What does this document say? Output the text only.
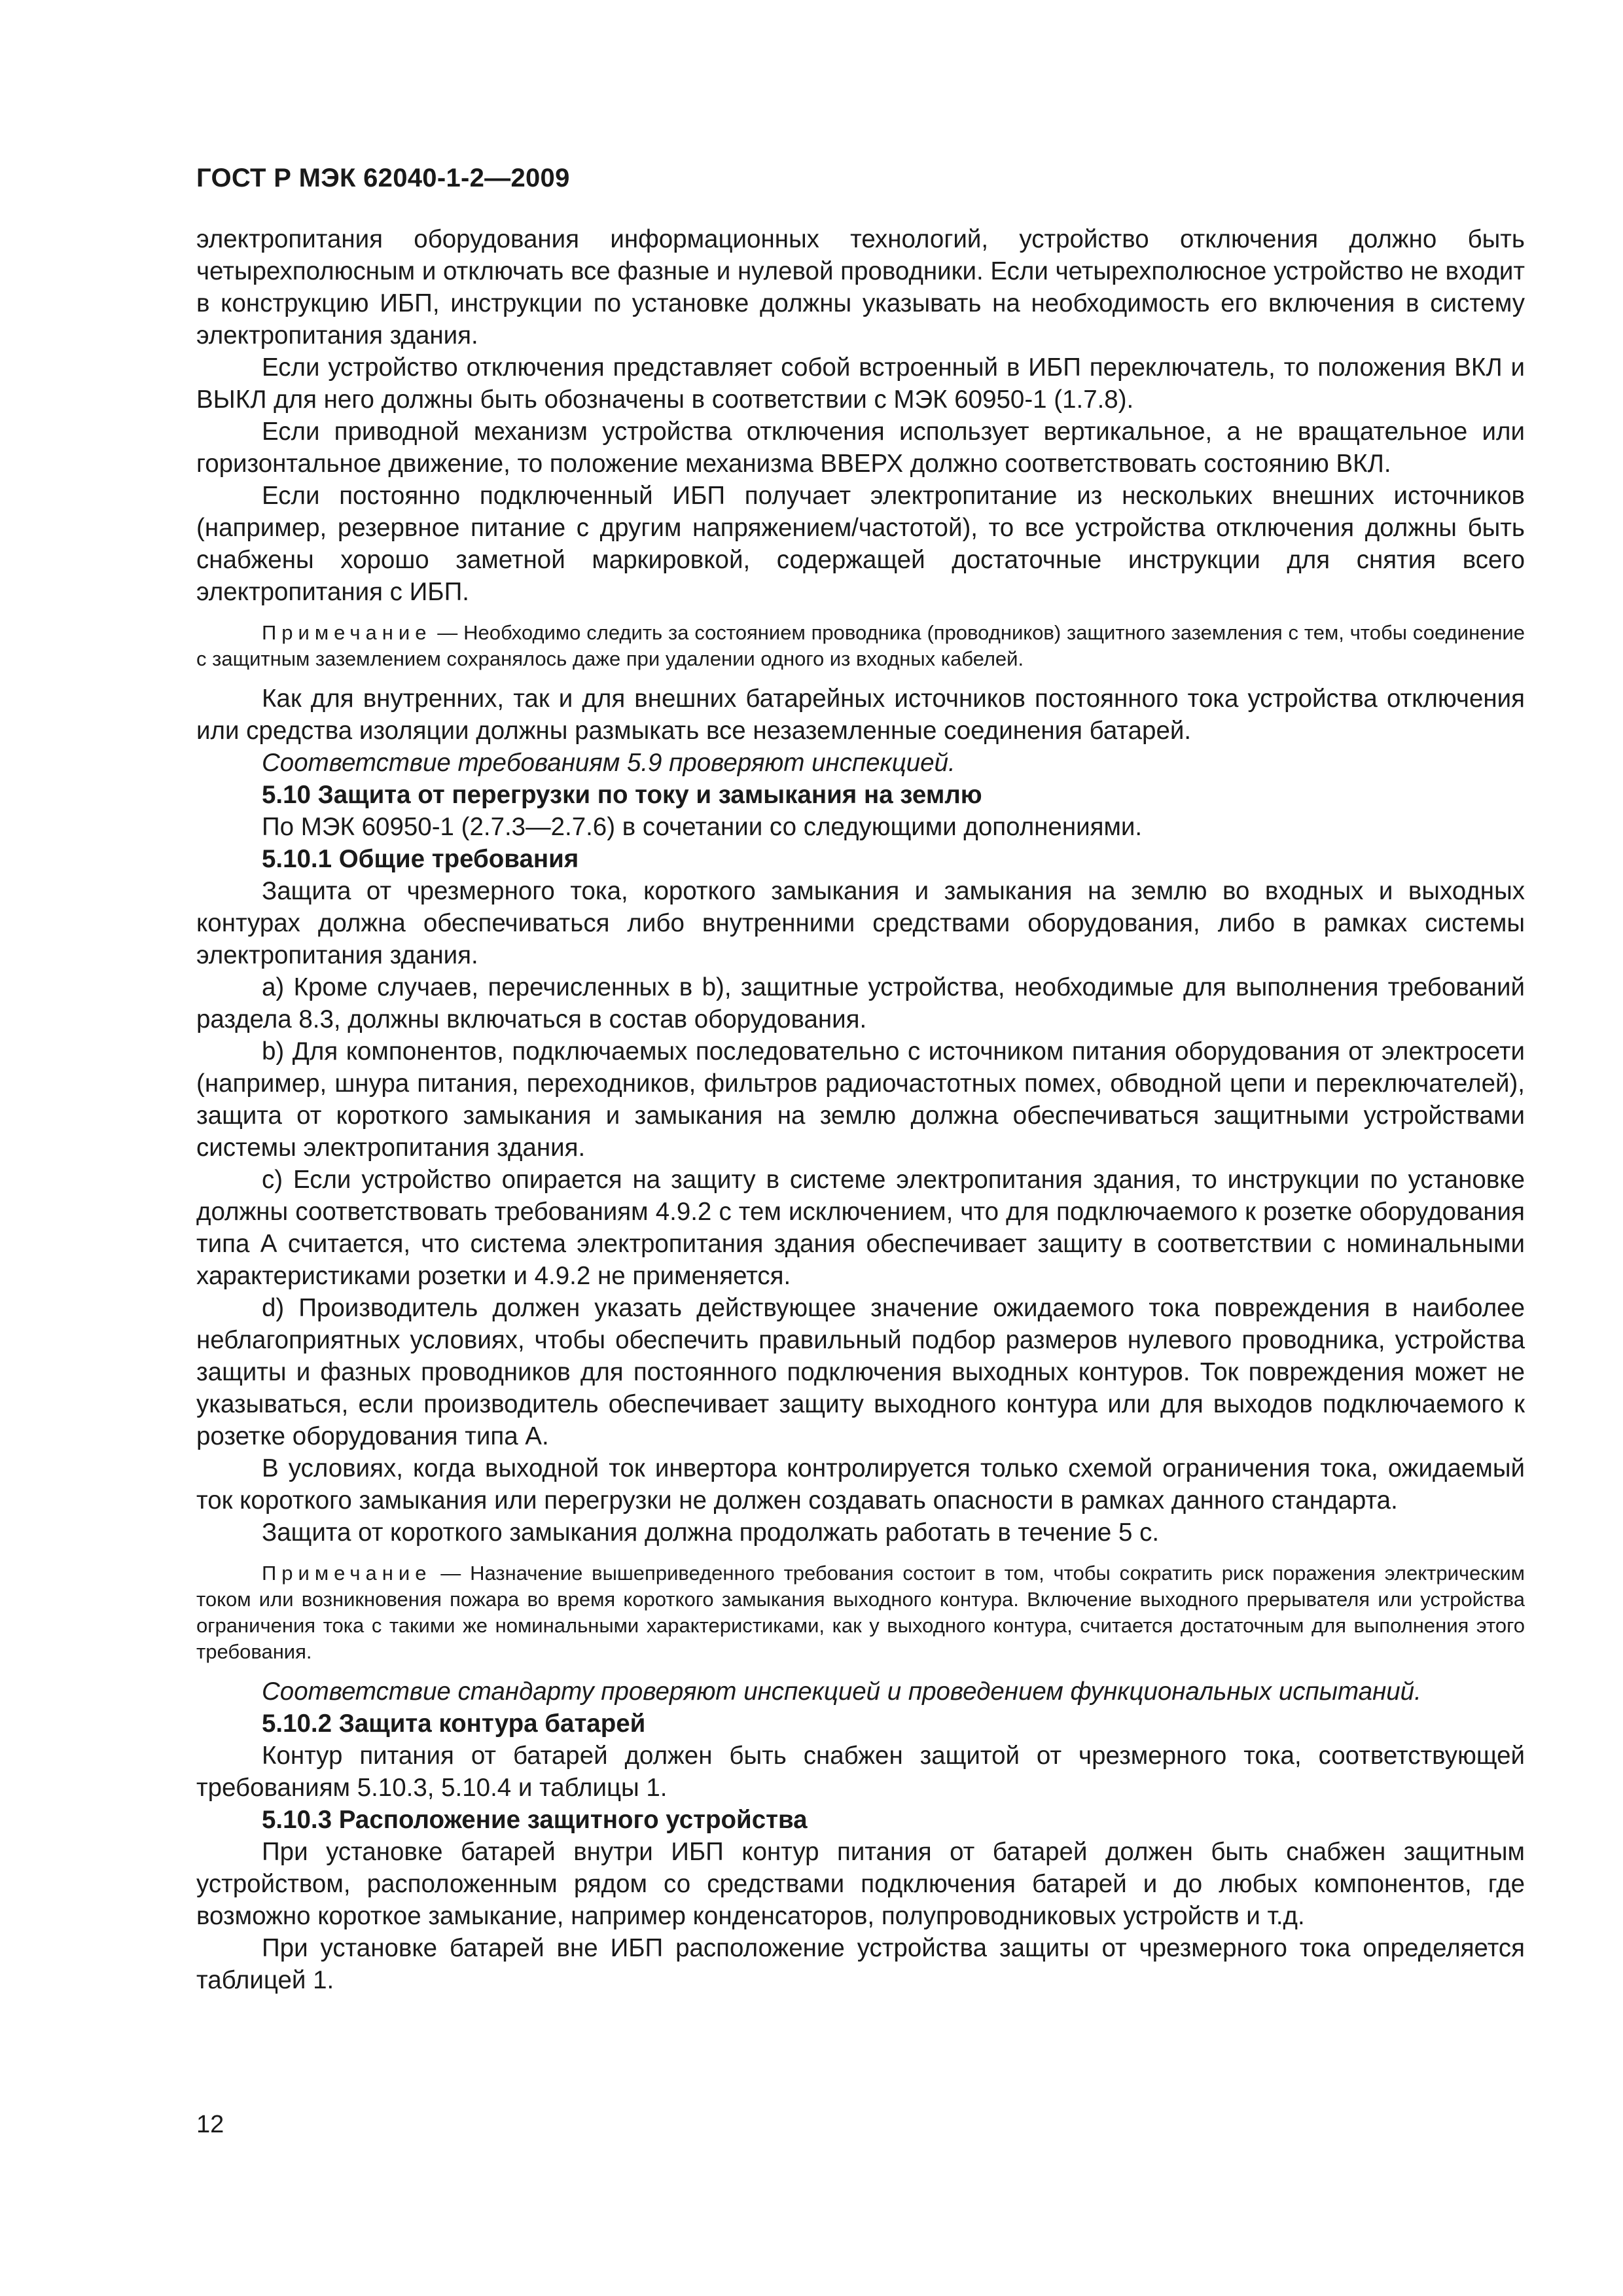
ГОСТ Р МЭК 62040-1-2—2009

электропитания оборудования информационных технологий, устройство отключения должно быть четырехполюсным и отключать все фазные и нулевой проводники. Если четырехполюсное устройство не входит в конструкцию ИБП, инструкции по установке должны указывать на необходимость его включения в систему электропитания здания.

Если устройство отключения представляет собой встроенный в ИБП переключатель, то положения ВКЛ и ВЫКЛ для него должны быть обозначены в соответствии с МЭК 60950-1 (1.7.8).

Если приводной механизм устройства отключения использует вертикальное, а не вращательное или горизонтальное движение, то положение механизма ВВЕРХ должно соответствовать состоянию ВКЛ.

Если постоянно подключенный ИБП получает электропитание из нескольких внешних источников (например, резервное питание с другим напряжением/частотой), то все устройства отключения должны быть снабжены хорошо заметной маркировкой, содержащей достаточные инструкции для снятия всего электропитания с ИБП.

Примечание — Необходимо следить за состоянием проводника (проводников) защитного заземления с тем, чтобы соединение с защитным заземлением сохранялось даже при удалении одного из входных кабелей.

Как для внутренних, так и для внешних батарейных источников постоянного тока устройства отключения или средства изоляции должны размыкать все незаземленные соединения батарей.

Соответствие требованиям 5.9 проверяют инспекцией.

5.10 Защита от перегрузки по току и замыкания на землю

По МЭК 60950-1 (2.7.3—2.7.6) в сочетании со следующими дополнениями.

5.10.1 Общие требования

Защита от чрезмерного тока, короткого замыкания и замыкания на землю во входных и выходных контурах должна обеспечиваться либо внутренними средствами оборудования, либо в рамках системы электропитания здания.

a) Кроме случаев, перечисленных в b), защитные устройства, необходимые для выполнения требований раздела 8.3, должны включаться в состав оборудования.

b) Для компонентов, подключаемых последовательно с источником питания оборудования от электросети (например, шнура питания, переходников, фильтров радиочастотных помех, обводной цепи и переключателей), защита от короткого замыкания и замыкания на землю должна обеспечиваться защитными устройствами системы электропитания здания.

c) Если устройство опирается на защиту в системе электропитания здания, то инструкции по установке должны соответствовать требованиям 4.9.2 с тем исключением, что для подключаемого к розетке оборудования типа А считается, что система электропитания здания обеспечивает защиту в соответствии с номинальными характеристиками розетки и 4.9.2 не применяется.

d) Производитель должен указать действующее значение ожидаемого тока повреждения в наиболее неблагоприятных условиях, чтобы обеспечить правильный подбор размеров нулевого проводника, устройства защиты и фазных проводников для постоянного подключения выходных контуров. Ток повреждения может не указываться, если производитель обеспечивает защиту выходного контура или для выходов подключаемого к розетке оборудования типа А.

В условиях, когда выходной ток инвертора контролируется только схемой ограничения тока, ожидаемый ток короткого замыкания или перегрузки не должен создавать опасности в рамках данного стандарта.

Защита от короткого замыкания должна продолжать работать в течение 5 с.

Примечание — Назначение вышеприведенного требования состоит в том, чтобы сократить риск поражения электрическим током или возникновения пожара во время короткого замыкания выходного контура. Включение выходного прерывателя или устройства ограничения тока с такими же номинальными характеристиками, как у выходного контура, считается достаточным для выполнения этого требования.

Соответствие стандарту проверяют инспекцией и проведением функциональных испытаний.

5.10.2 Защита контура батарей

Контур питания от батарей должен быть снабжен защитой от чрезмерного тока, соответствующей требованиям 5.10.3, 5.10.4 и таблицы 1.

5.10.3 Расположение защитного устройства

При установке батарей внутри ИБП контур питания от батарей должен быть снабжен защитным устройством, расположенным рядом со средствами подключения батарей и до любых компонентов, где возможно короткое замыкание, например конденсаторов, полупроводниковых устройств и т.д.

При установке батарей вне ИБП расположение устройства защиты от чрезмерного тока определяется таблицей 1.

12
